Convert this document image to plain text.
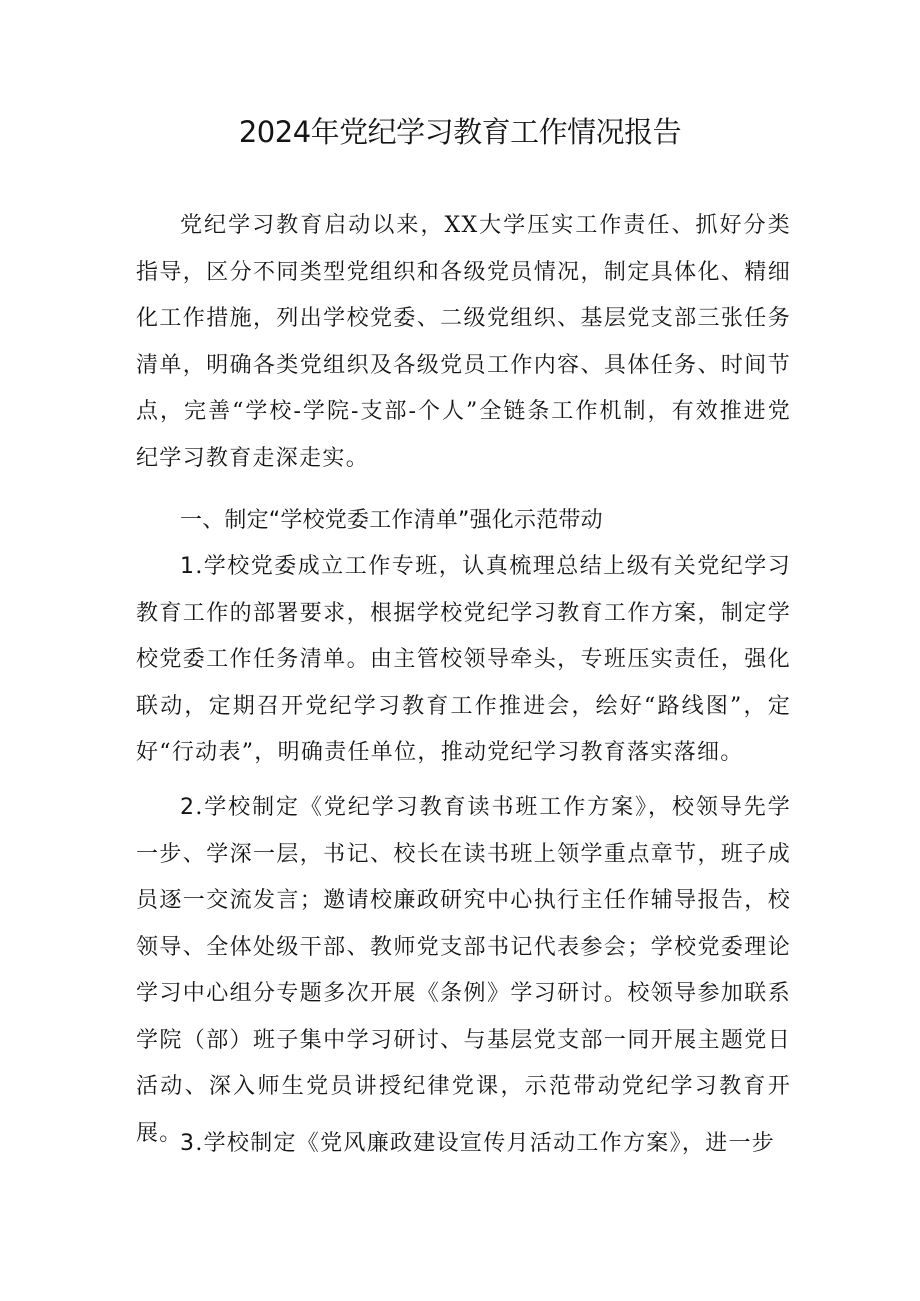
2024年党纪学习教育工作情况报告

党纪学习教育启动以来，XX大学压实工作责任、抓好分类指导，区分不同类型党组织和各级党员情况，制定具体化、精细化工作措施，列出学校党委、二级党组织、基层党支部三张任务清单，明确各类党组织及各级党员工作内容、具体任务、时间节点，完善“学校-学院-支部-个人”全链条工作机制，有效推进党纪学习教育走深走实。

一、制定“学校党委工作清单”强化示范带动

1.学校党委成立工作专班，认真梳理总结上级有关党纪学习教育工作的部署要求，根据学校党纪学习教育工作方案，制定学校党委工作任务清单。由主管校领导牵头，专班压实责任，强化联动，定期召开党纪学习教育工作推进会，绘好“路线图”，定好“行动表”，明确责任单位，推动党纪学习教育落实落细。

2.学校制定《党纪学习教育读书班工作方案》，校领导先学一步、学深一层，书记、校长在读书班上领学重点章节，班子成员逐一交流发言；邀请校廉政研究中心执行主任作辅导报告，校领导、全体处级干部、教师党支部书记代表参会；学校党委理论学习中心组分专题多次开展《条例》学习研讨。校领导参加联系学院（部）班子集中学习研讨、与基层党支部一同开展主题党日活动、深入师生党员讲授纪律党课，示范带动党纪学习教育开展。

3.学校制定《党风廉政建设宣传月活动工作方案》，进一步
